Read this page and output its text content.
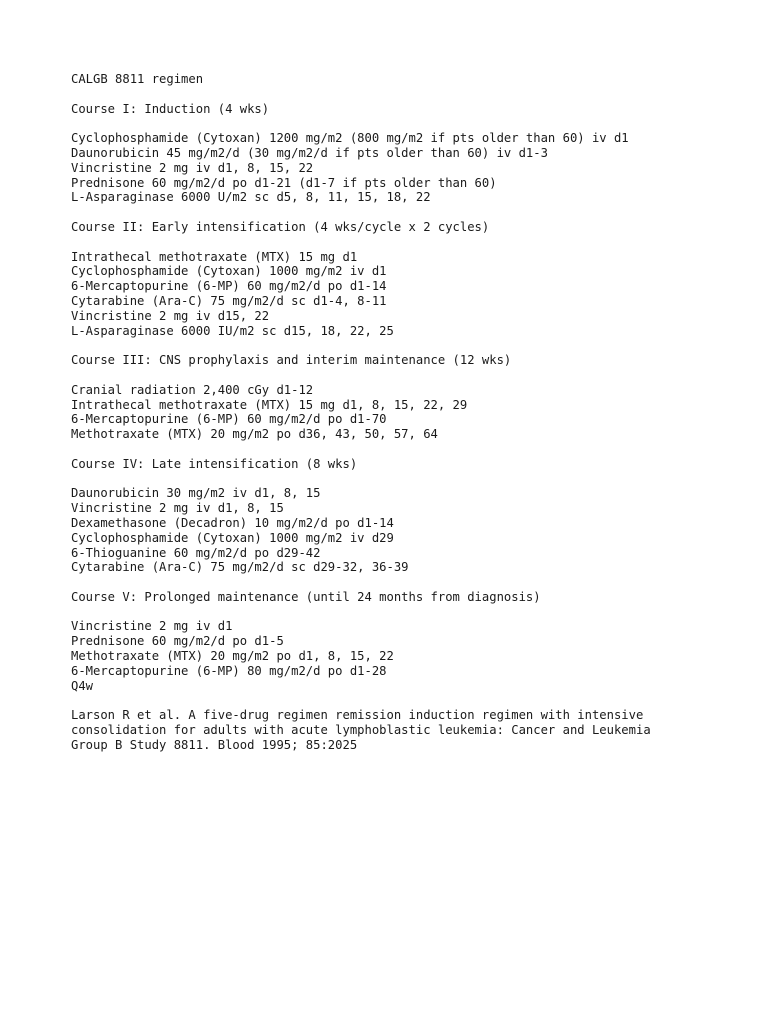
CALGB 8811 regimen
Course I: Induction (4 wks)
Cyclophosphamide (Cytoxan) 1200 mg/m2 (800 mg/m2 if pts older than 60) iv d1
Daunorubicin 45 mg/m2/d (30 mg/m2/d if pts older than 60) iv d1-3
Vincristine 2 mg iv d1, 8, 15, 22
Prednisone 60 mg/m2/d po d1-21 (d1-7 if pts older than 60)
L-Asparaginase 6000 U/m2 sc d5, 8, 11, 15, 18, 22
Course II: Early intensification (4 wks/cycle x 2 cycles)
Intrathecal methotraxate (MTX) 15 mg d1
Cyclophosphamide (Cytoxan) 1000 mg/m2 iv d1
6-Mercaptopurine (6-MP) 60 mg/m2/d po d1-14
Cytarabine (Ara-C) 75 mg/m2/d sc d1-4, 8-11
Vincristine 2 mg iv d15, 22
L-Asparaginase 6000 IU/m2 sc d15, 18, 22, 25
Course III: CNS prophylaxis and interim maintenance (12 wks)
Cranial radiation 2,400 cGy d1-12
Intrathecal methotraxate (MTX) 15 mg d1, 8, 15, 22, 29
6-Mercaptopurine (6-MP) 60 mg/m2/d po d1-70
Methotraxate (MTX) 20 mg/m2 po d36, 43, 50, 57, 64
Course IV: Late intensification (8 wks)
Daunorubicin 30 mg/m2 iv d1, 8, 15
Vincristine 2 mg iv d1, 8, 15
Dexamethasone (Decadron) 10 mg/m2/d po d1-14
Cyclophosphamide (Cytoxan) 1000 mg/m2 iv d29
6-Thioguanine 60 mg/m2/d po d29-42
Cytarabine (Ara-C) 75 mg/m2/d sc d29-32, 36-39
Course V: Prolonged maintenance (until 24 months from diagnosis)
Vincristine 2 mg iv d1
Prednisone 60 mg/m2/d po d1-5
Methotraxate (MTX) 20 mg/m2 po d1, 8, 15, 22
6-Mercaptopurine (6-MP) 80 mg/m2/d po d1-28
Q4w
Larson R et al. A five-drug regimen remission induction regimen with intensive
consolidation for adults with acute lymphoblastic leukemia: Cancer and Leukemia
Group B Study 8811. Blood 1995; 85:2025
